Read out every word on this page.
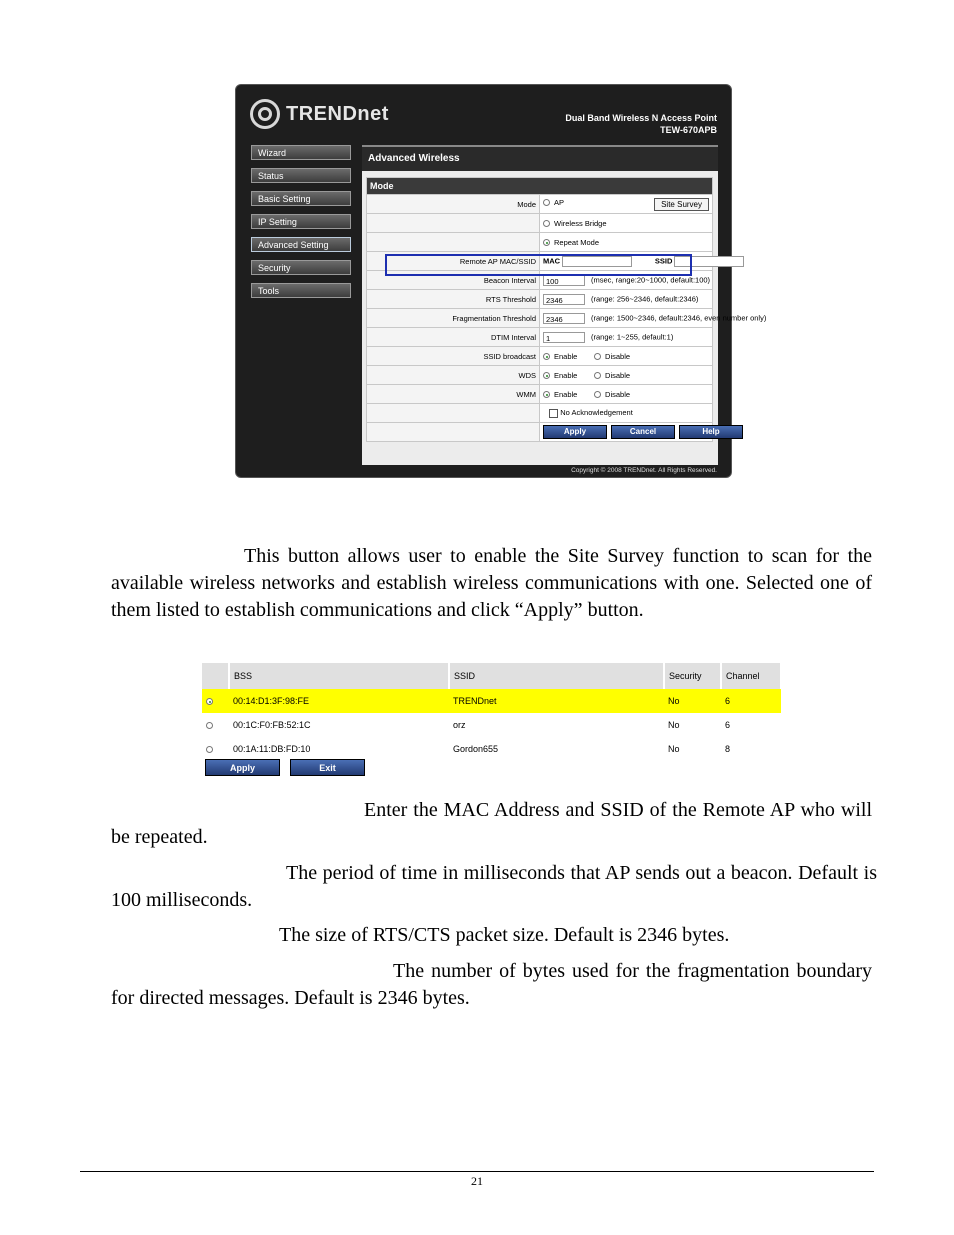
TRENDnet	Dual Band Wireless N Access Point
TEW-670APB
Wizard
Status
Basic Setting
IP Setting
Advanced Setting
Security
Tools
Advanced Wireless
Mode	
Mode	AP Site Survey

	Wireless Bridge
	Repeat Mode
Remote AP MAC/SSID	MAC SSID
Beacon Interval	100 (msec, range:20~1000, default:100)
RTS Threshold	2346 (range: 256~2346, default:2346)
Fragmentation Threshold	2346 (range: 1500~2346, default:2346, even number only)
DTIM Interval	1 (range: 1~255, default:1)
SSID broadcast	Enable Disable
WDS	Enable Disable
WMM	Enable Disable
	No Acknowledgement
	Apply Cancel Help
Copyright © 2008 TRENDnet. All Rights Reserved.

This button allows user to enable the Site Survey function to scan for the available wireless networks and establish wireless communications with one. Selected one of them listed to establish communications and click “Apply” button.

	BSS	SSID	Security	Channel
	00:14:D1:3F:98:FE	TRENDnet	No	6
	00:1C:F0:FB:52:1C	orz	No	6
	00:1A:11:DB:FD:10	Gordon655	No	8
Apply	Exit

Enter the MAC Address and SSID of the Remote AP who will be repeated.

The period of time in milliseconds that AP sends out a beacon. Default is 100 milliseconds.

The size of RTS/CTS packet size. Default is 2346 bytes.

The number of bytes used for the fragmentation boundary for directed messages. Default is 2346 bytes.

21
